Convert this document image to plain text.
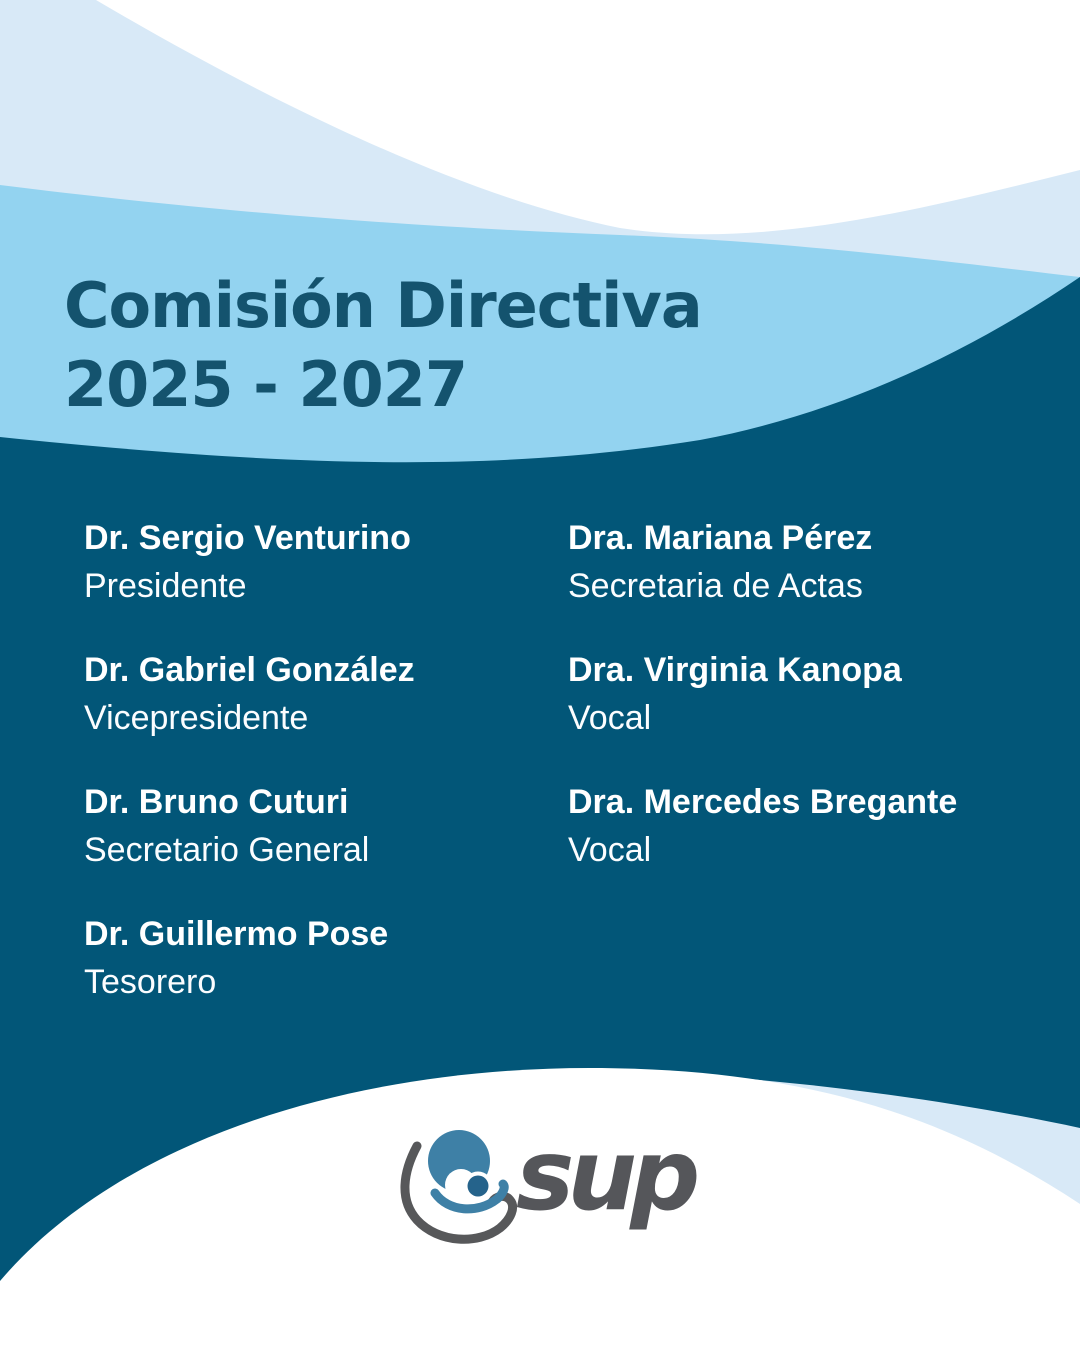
Comisión Directiva
2025 - 2027
Dr. Sergio Venturino
Presidente
Dr. Gabriel González
Vicepresidente
Dr. Bruno Cuturi
Secretario General
Dr. Guillermo Pose
Tesorero
Dra. Mariana Pérez
Secretaria de Actas
Dra. Virginia Kanopa
Vocal
Dra. Mercedes Bregante
Vocal
sup
